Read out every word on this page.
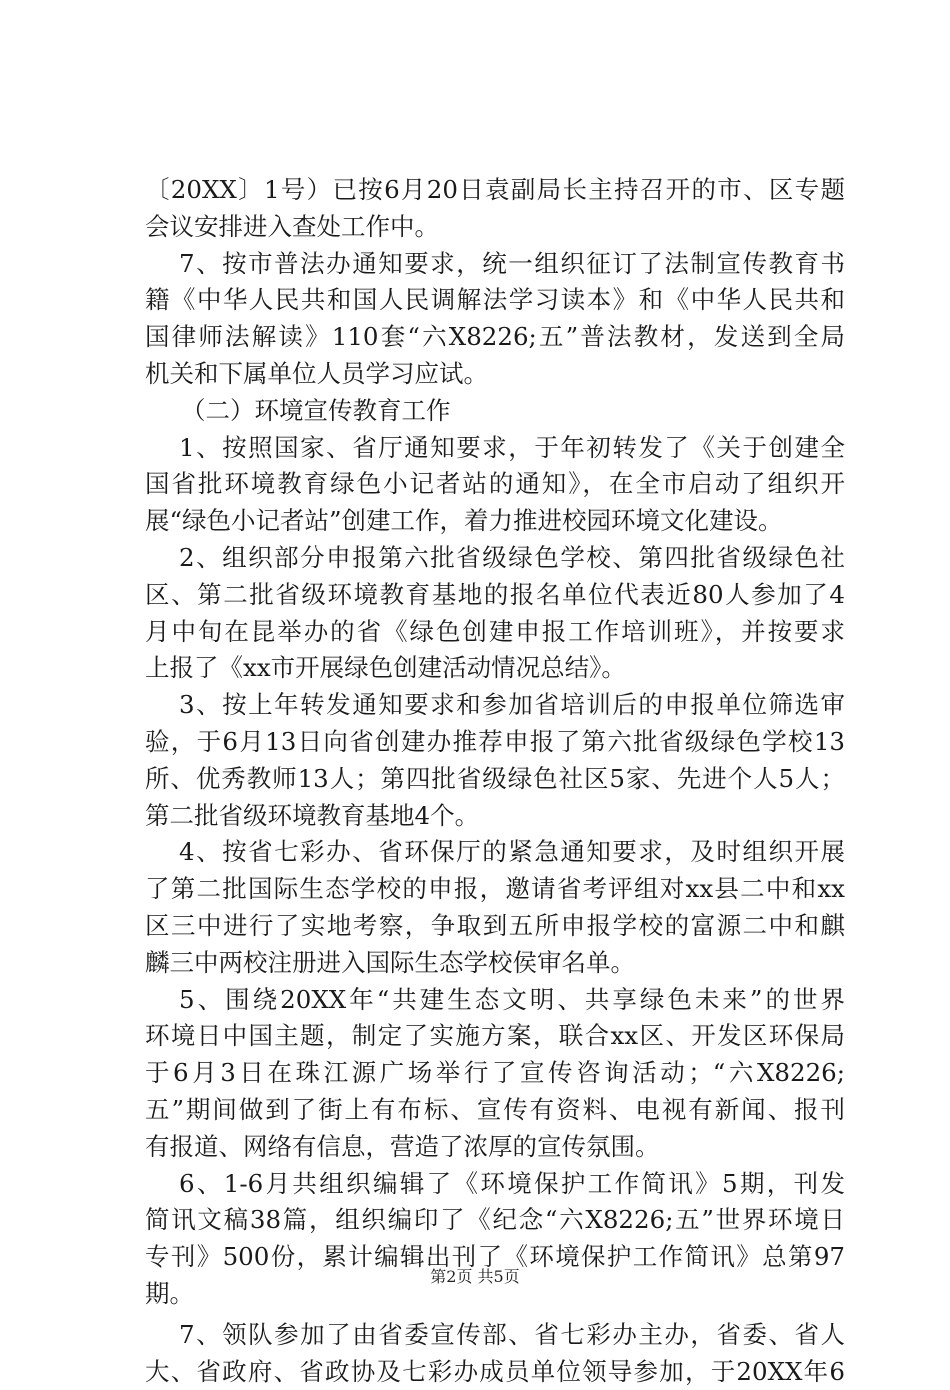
〔20XX〕1号）已按6月20日袁副局长主持召开的市、区专题
会议安排进入查处工作中。
7、按市普法办通知要求，统一组织征订了法制宣传教育书
籍《中华人民共和国人民调解法学习读本》和《中华人民共和
国律师法解读》110套“六X8226;五”普法教材，发送到全局
机关和下属单位人员学习应试。
（二）环境宣传教育工作
1、按照国家、省厅通知要求，于年初转发了《关于创建全
国省批环境教育绿色小记者站的通知》，在全市启动了组织开
展“绿色小记者站”创建工作，着力推进校园环境文化建设。
2、组织部分申报第六批省级绿色学校、第四批省级绿色社
区、第二批省级环境教育基地的报名单位代表近80人参加了4
月中旬在昆举办的省《绿色创建申报工作培训班》，并按要求
上报了《xx市开展绿色创建活动情况总结》。
3、按上年转发通知要求和参加省培训后的申报单位筛选审
验，于6月13日向省创建办推荐申报了第六批省级绿色学校13
所、优秀教师13人；第四批省级绿色社区5家、先进个人5人；
第二批省级环境教育基地4个。
4、按省七彩办、省环保厅的紧急通知要求，及时组织开展
了第二批国际生态学校的申报，邀请省考评组对xx县二中和xx
区三中进行了实地考察，争取到五所申报学校的富源二中和麒
麟三中两校注册进入国际生态学校侯审名单。
5、围绕20XX年“共建生态文明、共享绿色未来”的世界
环境日中国主题，制定了实施方案，联合xx区、开发区环保局
于6月3日在珠江源广场举行了宣传咨询活动；“六X8226;
五”期间做到了街上有布标、宣传有资料、电视有新闻、报刊
有报道、网络有信息，营造了浓厚的宣传氛围。
6、1-6月共组织编辑了《环境保护工作简讯》5期，刊发
简讯文稿38篇，组织编印了《纪念“六X8226;五”世界环境日
专刊》500份，累计编辑出刊了《环境保护工作简讯》总第97
期。
7、领队参加了由省委宣传部、省七彩办主办，省委、省人
大、省政府、省政协及七彩办成员单位领导参加，于20XX年6
第2页 共5页
